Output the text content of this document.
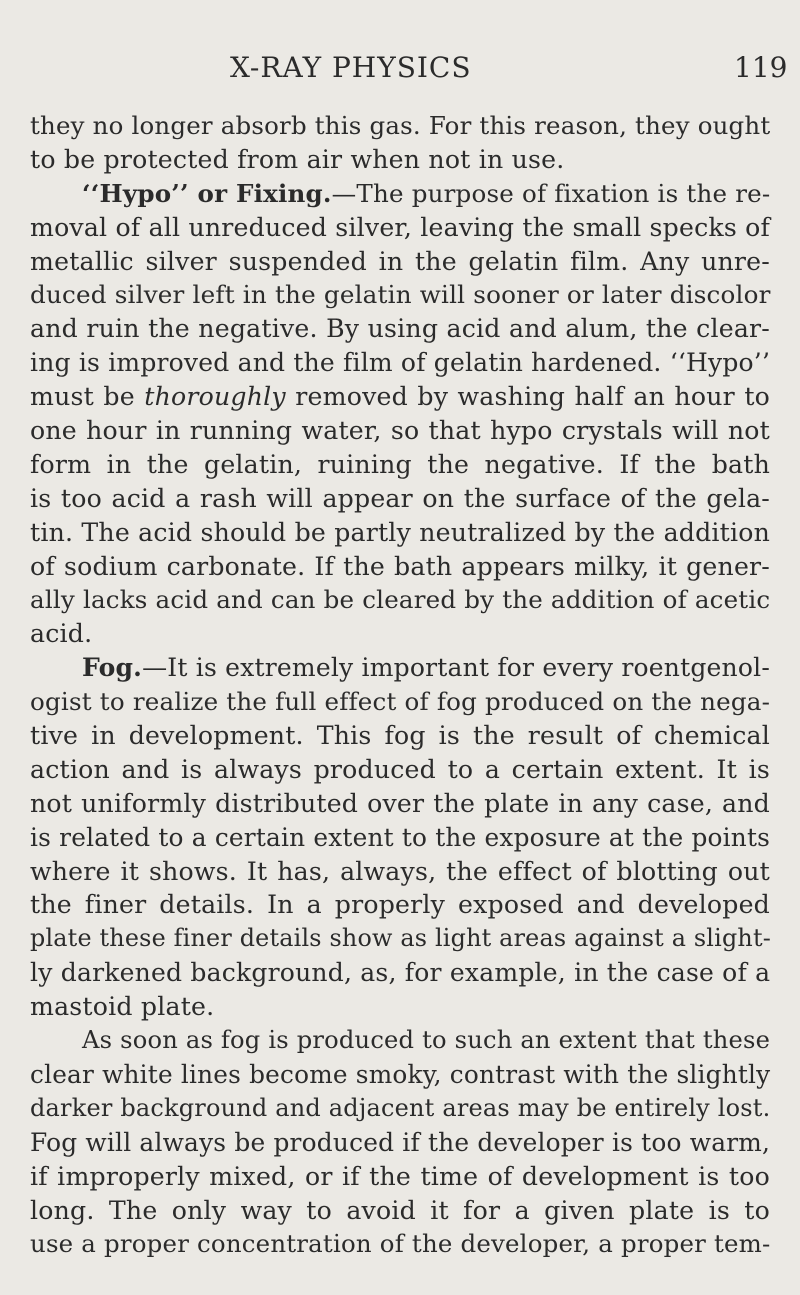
X-RAY PHYSICS	119
they no longer absorb this gas. For this reason, they ought
to be protected from air when not in use.
‘‘Hypo’’ or Fixing.—The purpose of fixation is the re-
moval of all unreduced silver, leaving the small specks of
metallic silver suspended in the gelatin film. Any unre-
duced silver left in the gelatin will sooner or later discolor
and ruin the negative. By using acid and alum, the clear-
ing is improved and the film of gelatin hardened. ‘‘Hypo’’
must be thoroughly removed by washing half an hour to
one hour in running water, so that hypo crystals will not
form in the gelatin, ruining the negative. If the bath
is too acid a rash will appear on the surface of the gela-
tin. The acid should be partly neutralized by the addition
of sodium carbonate. If the bath appears milky, it gener-
ally lacks acid and can be cleared by the addition of acetic
acid.
Fog.—It is extremely important for every roentgenol-
ogist to realize the full effect of fog produced on the nega-
tive in development. This fog is the result of chemical
action and is always produced to a certain extent. It is
not uniformly distributed over the plate in any case, and
is related to a certain extent to the exposure at the points
where it shows. It has, always, the effect of blotting out
the finer details. In a properly exposed and developed
plate these finer details show as light areas against a slight-
ly darkened background, as, for example, in the case of a
mastoid plate.
As soon as fog is produced to such an extent that these
clear white lines become smoky, contrast with the slightly
darker background and adjacent areas may be entirely lost.
Fog will always be produced if the developer is too warm,
if improperly mixed, or if the time of development is too
long. The only way to avoid it for a given plate is to
use a proper concentration of the developer, a proper tem-
